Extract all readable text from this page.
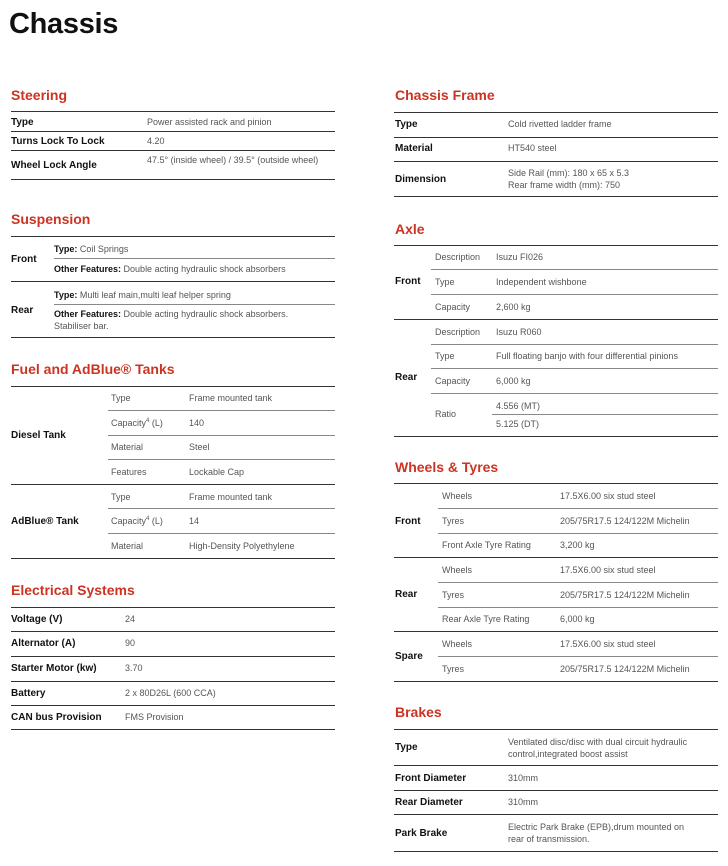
Chassis
Steering
Type	Power assisted rack and pinion
Turns Lock To Lock	4.20
Wheel Lock Angle	47.5° (inside wheel) / 39.5° (outside wheel)
Suspension
Front
Type: Coil Springs
Other Features: Double acting hydraulic shock absorbers
Rear
Type: Multi leaf main,multi leaf helper spring
Other Features: Double acting hydraulic shock absorbers.
Stabiliser bar.
Fuel and AdBlue® Tanks
Diesel Tank
Type	Frame mounted tank
Capacity$^4$ (L)	140
Material	Steel
Features	Lockable Cap
AdBlue® Tank
Type	Frame mounted tank
Capacity$^4$ (L)	14
Material	High-Density Polyethylene
Electrical Systems
Voltage (V)	24
Alternator (A)	90
Starter Motor (kw)	3.70
Battery	2 x 80D26L (600 CCA)
CAN bus Provision	FMS Provision
Chassis Frame
Type	Cold rivetted ladder frame
Material	HT540 steel
Dimension
Side Rail (mm): 180 x 65 x 5.3
Rear frame width (mm): 750
Axle
Front
Description Isuzu FI026
Type	Independent wishbone
Capacity	2,600 kg
Rear
Description Isuzu R060
Type	Full floating banjo with four differential pinions
Capacity	6,000 kg
Ratio
4.556 (MT)
5.125 (DT)
Wheels & Tyres
Front
Wheels	17.5X6.00 six stud steel
Tyres	205/75R17.5 124/122M Michelin
Front Axle Tyre Rating	3,200 kg
Rear
Wheels	17.5X6.00 six stud steel
Tyres	205/75R17.5 124/122M Michelin
Rear Axle Tyre Rating	6,000 kg
Spare
Wheels	17.5X6.00 six stud steel
Tyres	205/75R17.5 124/122M Michelin
Brakes
Type	Ventilated disc/disc with dual circuit hydraulic
control,integrated boost assist
Front Diameter	310mm
Rear Diameter	310mm
Park Brake
Electric Park Brake (EPB),drum mounted on
rear of transmission.
